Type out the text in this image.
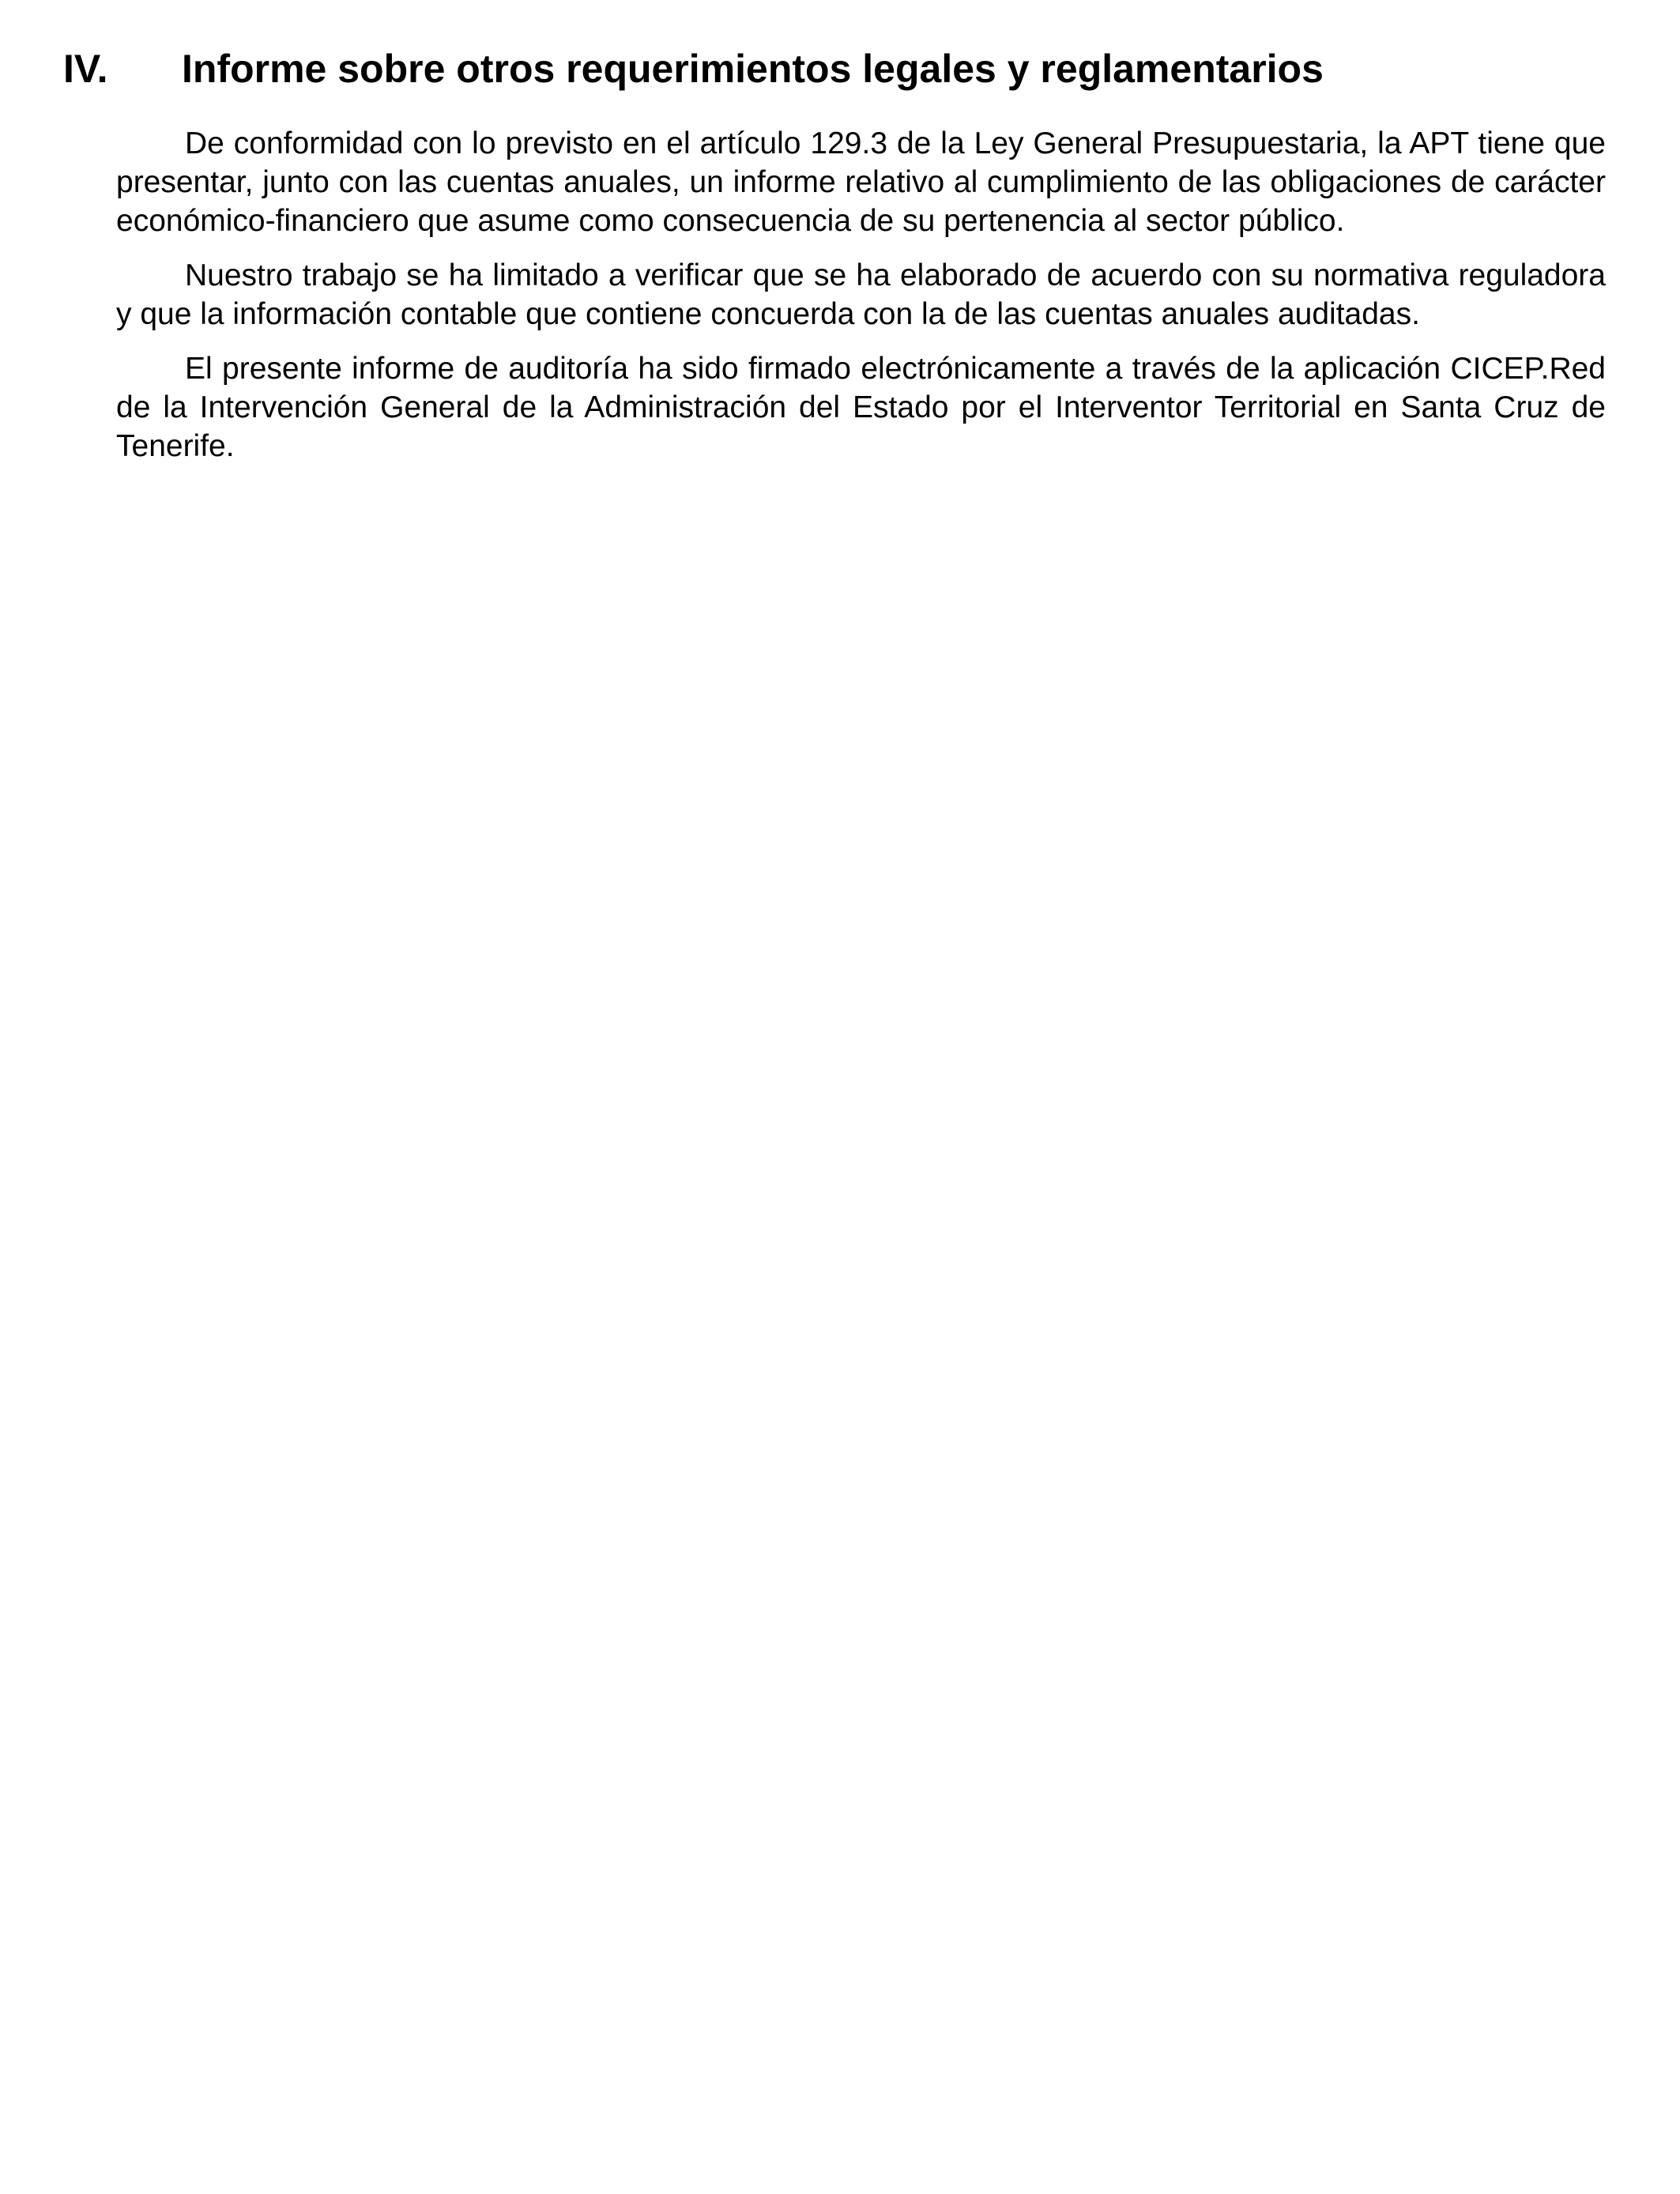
IV. Informe sobre otros requerimientos legales y reglamentarios

De conformidad con lo previsto en el artículo 129.3 de la Ley General Presupuestaria, la APT tiene que presentar, junto con las cuentas anuales, un informe relativo al cumplimiento de las obligaciones de carácter económico-financiero que asume como consecuencia de su pertenencia al sector público.

Nuestro trabajo se ha limitado a verificar que se ha elaborado de acuerdo con su normativa reguladora y que la información contable que contiene concuerda con la de las cuentas anuales auditadas.

El presente informe de auditoría ha sido firmado electrónicamente a través de la aplicación CICEP.Red de la Intervención General de la Administración del Estado por el Interventor Territorial en Santa Cruz de Tenerife.
